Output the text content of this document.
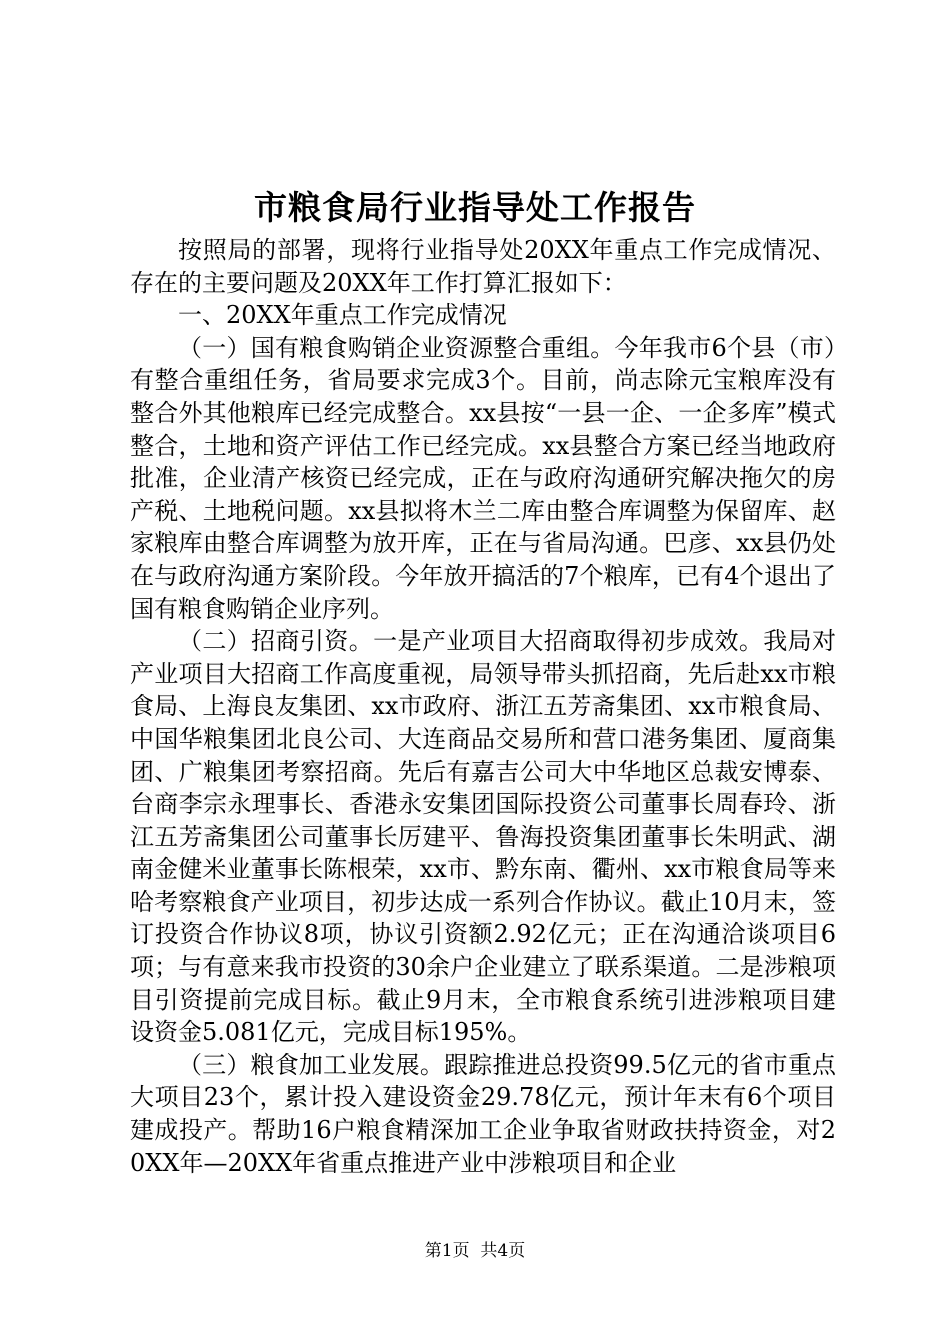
市粮食局行业指导处工作报告

按照局的部署，现将行业指导处20XX年重点工作完成情况、存在的主要问题及20XX年工作打算汇报如下：

一、20XX年重点工作完成情况

（一）国有粮食购销企业资源整合重组。今年我市6个县（市）有整合重组任务，省局要求完成3个。目前，尚志除元宝粮库没有整合外其他粮库已经完成整合。xx县按“一县一企、一企多库”模式整合，土地和资产评估工作已经完成。xx县整合方案已经当地政府批准，企业清产核资已经完成，正在与政府沟通研究解决拖欠的房产税、土地税问题。xx县拟将木兰二库由整合库调整为保留库、赵家粮库由整合库调整为放开库，正在与省局沟通。巴彦、xx县仍处在与政府沟通方案阶段。今年放开搞活的7个粮库，已有4个退出了国有粮食购销企业序列。

（二）招商引资。一是产业项目大招商取得初步成效。我局对产业项目大招商工作高度重视，局领导带头抓招商，先后赴xx市粮食局、上海良友集团、xx市政府、浙江五芳斋集团、xx市粮食局、中国华粮集团北良公司、大连商品交易所和营口港务集团、厦商集团、广粮集团考察招商。先后有嘉吉公司大中华地区总裁安博泰、台商李宗永理事长、香港永安集团国际投资公司董事长周春玲、浙江五芳斋集团公司董事长厉建平、鲁海投资集团董事长朱明武、湖南金健米业董事长陈根荣，xx市、黔东南、衢州、xx市粮食局等来哈考察粮食产业项目，初步达成一系列合作协议。截止10月末，签订投资合作协议8项，协议引资额2.92亿元；正在沟通洽谈项目6项；与有意来我市投资的30余户企业建立了联系渠道。二是涉粮项目引资提前完成目标。截止9月末，全市粮食系统引进涉粮项目建设资金5.081亿元，完成目标195%。

（三）粮食加工业发展。跟踪推进总投资99.5亿元的省市重点大项目23个，累计投入建设资金29.78亿元，预计年末有6个项目建成投产。帮助16户粮食精深加工企业争取省财政扶持资金，对20XX年—20XX年省重点推进产业中涉粮项目和企业

第1页 共4页
